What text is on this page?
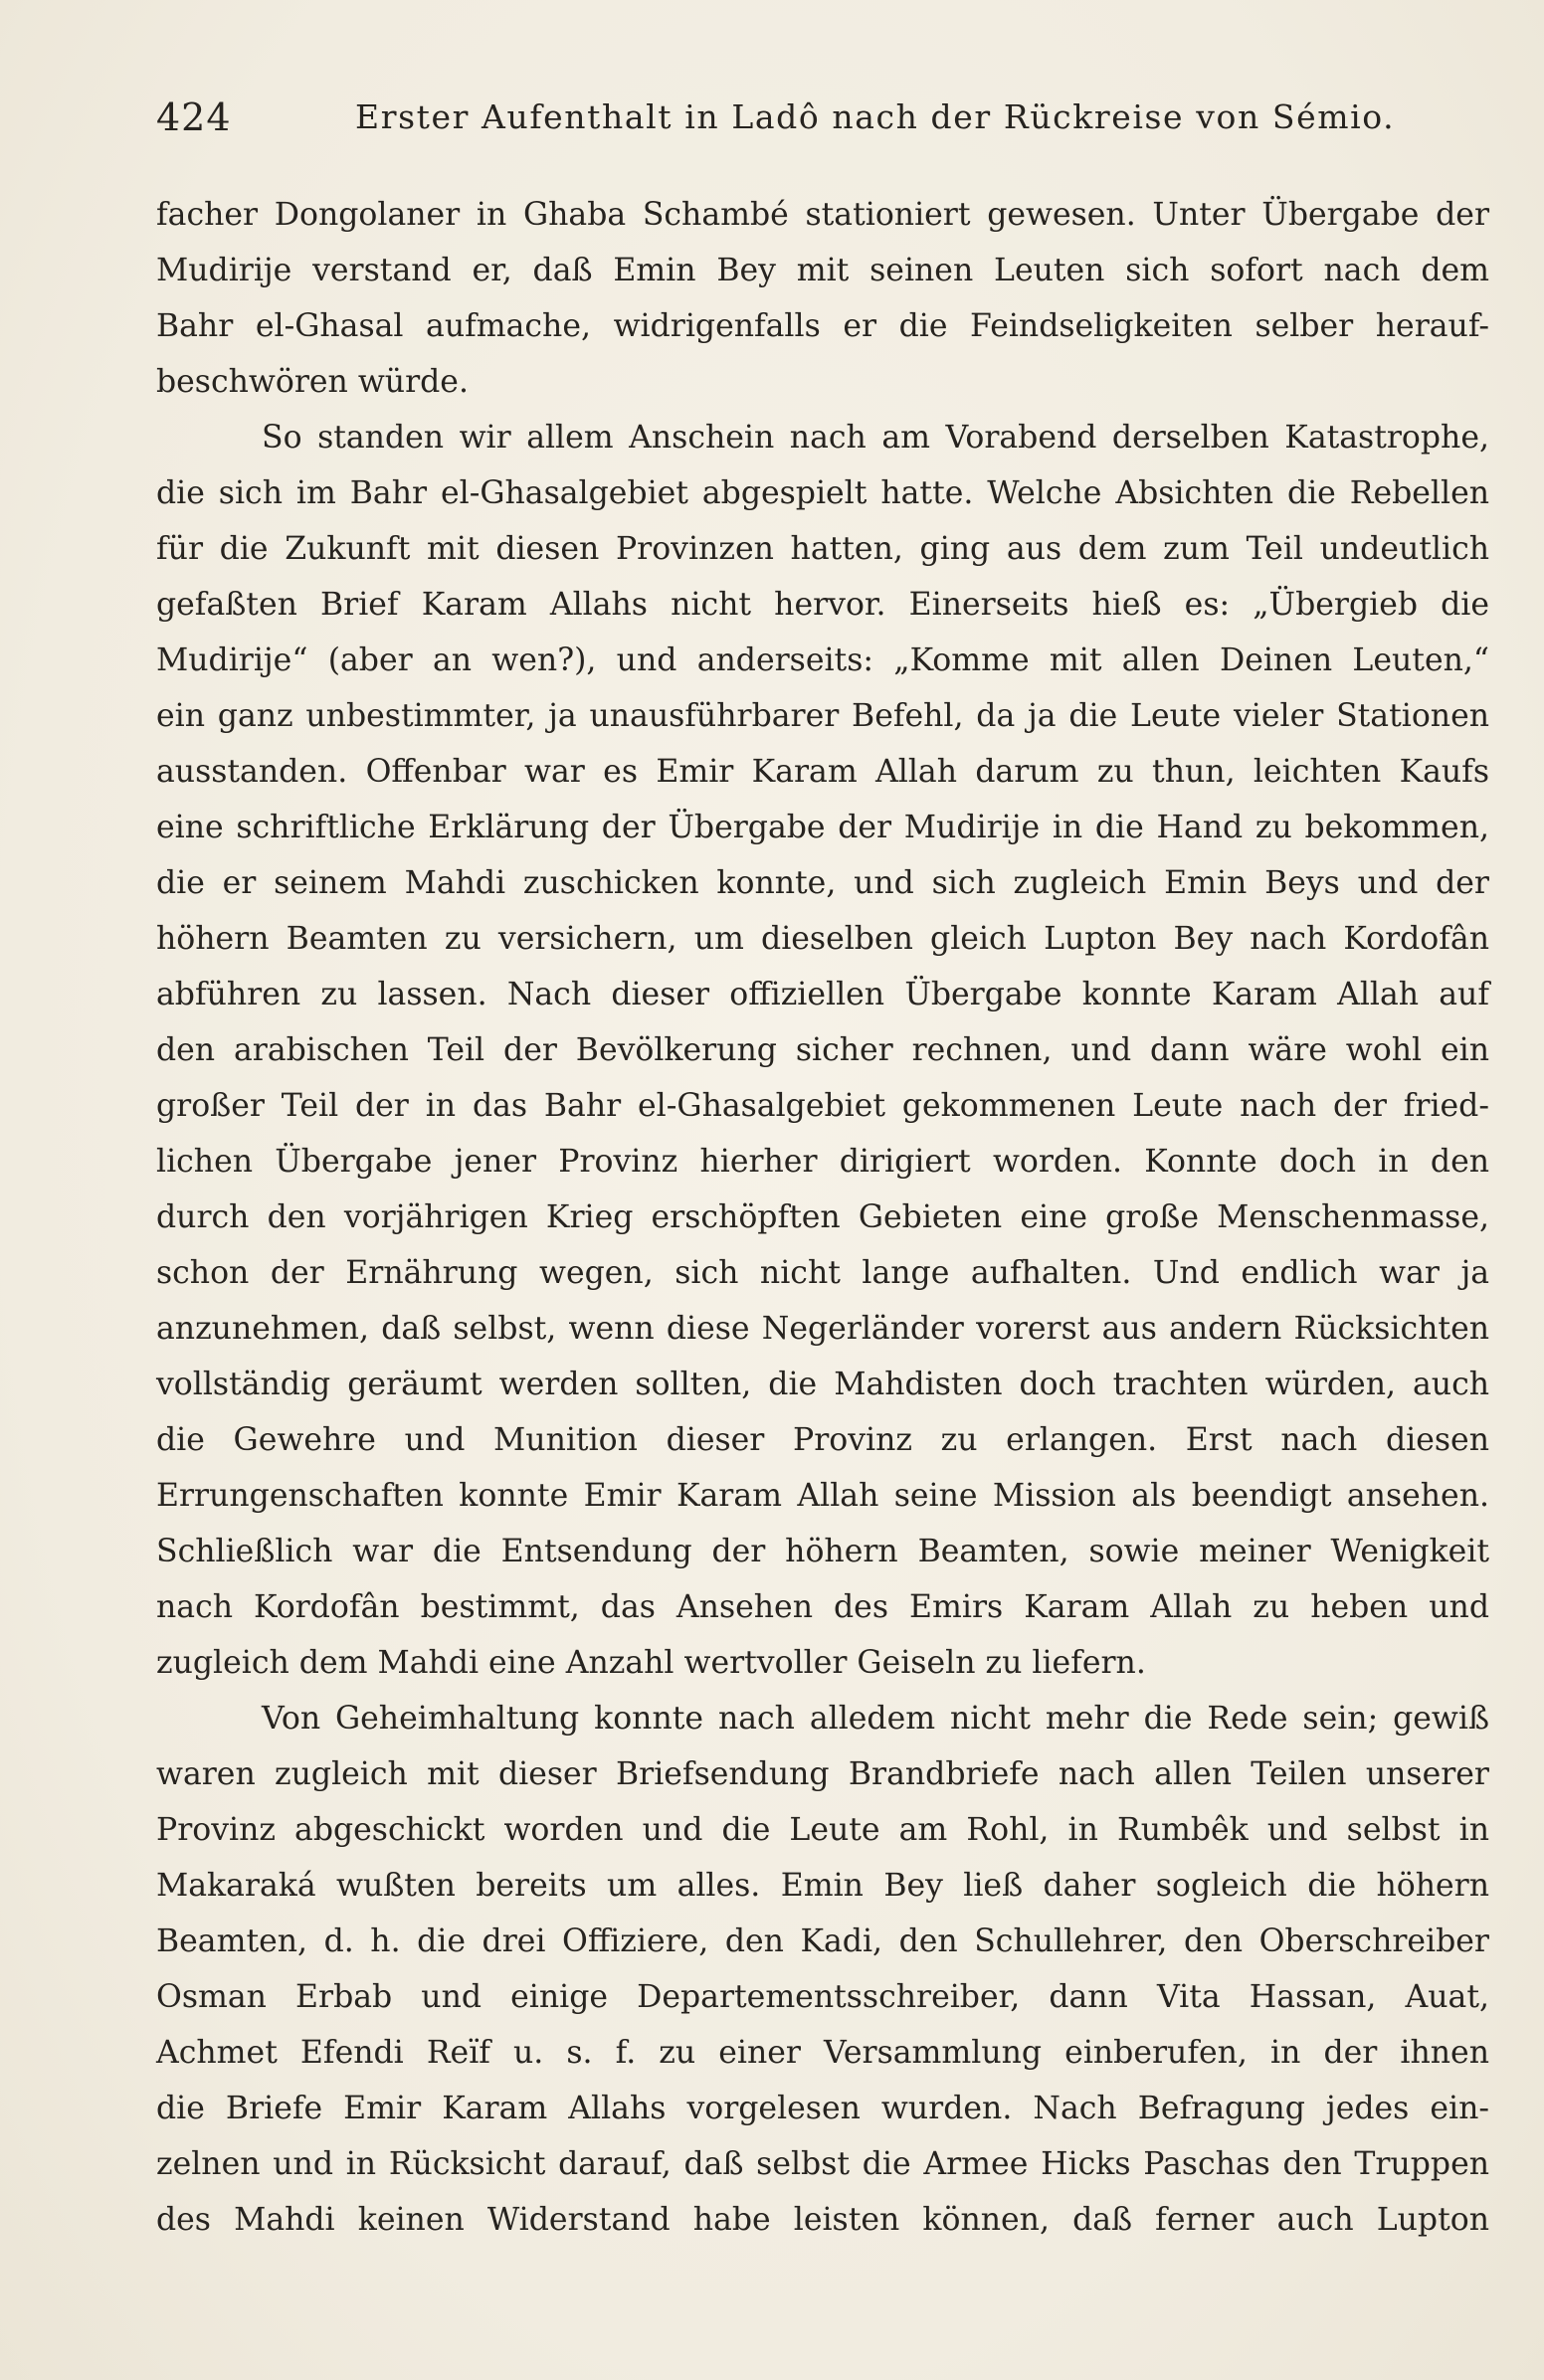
424	Erster Aufenthalt in Ladô nach der Rückreise von Sémio.
facher Dongolaner in Ghaba Schambé stationiert gewesen. Unter Übergabe der
Mudirije verstand er, daß Emin Bey mit seinen Leuten sich sofort nach dem
Bahr el-Ghasal aufmache, widrigenfalls er die Feindseligkeiten selber herauf-
beschwören würde.
So standen wir allem Anschein nach am Vorabend derselben Katastrophe,
die sich im Bahr el-Ghasalgebiet abgespielt hatte. Welche Absichten die Rebellen
für die Zukunft mit diesen Provinzen hatten, ging aus dem zum Teil undeutlich
gefaßten Brief Karam Allahs nicht hervor. Einerseits hieß es: „Übergieb die
Mudirije“ (aber an wen?), und anderseits: „Komme mit allen Deinen Leuten,“
ein ganz unbestimmter, ja unausführbarer Befehl, da ja die Leute vieler Stationen
ausstanden. Offenbar war es Emir Karam Allah darum zu thun, leichten Kaufs
eine schriftliche Erklärung der Übergabe der Mudirije in die Hand zu bekommen,
die er seinem Mahdi zuschicken konnte, und sich zugleich Emin Beys und der
höhern Beamten zu versichern, um dieselben gleich Lupton Bey nach Kordofân
abführen zu lassen. Nach dieser offiziellen Übergabe konnte Karam Allah auf
den arabischen Teil der Bevölkerung sicher rechnen, und dann wäre wohl ein
großer Teil der in das Bahr el-Ghasalgebiet gekommenen Leute nach der fried-
lichen Übergabe jener Provinz hierher dirigiert worden. Konnte doch in den
durch den vorjährigen Krieg erschöpften Gebieten eine große Menschenmasse,
schon der Ernährung wegen, sich nicht lange aufhalten. Und endlich war ja
anzunehmen, daß selbst, wenn diese Negerländer vorerst aus andern Rücksichten
vollständig geräumt werden sollten, die Mahdisten doch trachten würden, auch
die Gewehre und Munition dieser Provinz zu erlangen. Erst nach diesen
Errungenschaften konnte Emir Karam Allah seine Mission als beendigt ansehen.
Schließlich war die Entsendung der höhern Beamten, sowie meiner Wenigkeit
nach Kordofân bestimmt, das Ansehen des Emirs Karam Allah zu heben und
zugleich dem Mahdi eine Anzahl wertvoller Geiseln zu liefern.
Von Geheimhaltung konnte nach alledem nicht mehr die Rede sein; gewiß
waren zugleich mit dieser Briefsendung Brandbriefe nach allen Teilen unserer
Provinz abgeschickt worden und die Leute am Rohl, in Rumbêk und selbst in
Makaraká wußten bereits um alles. Emin Bey ließ daher sogleich die höhern
Beamten, d. h. die drei Offiziere, den Kadi, den Schullehrer, den Oberschreiber
Osman Erbab und einige Departementsschreiber, dann Vita Hassan, Auat,
Achmet Efendi Reïf u. s. f. zu einer Versammlung einberufen, in der ihnen
die Briefe Emir Karam Allahs vorgelesen wurden. Nach Befragung jedes ein-
zelnen und in Rücksicht darauf, daß selbst die Armee Hicks Paschas den Truppen
des Mahdi keinen Widerstand habe leisten können, daß ferner auch Lupton
